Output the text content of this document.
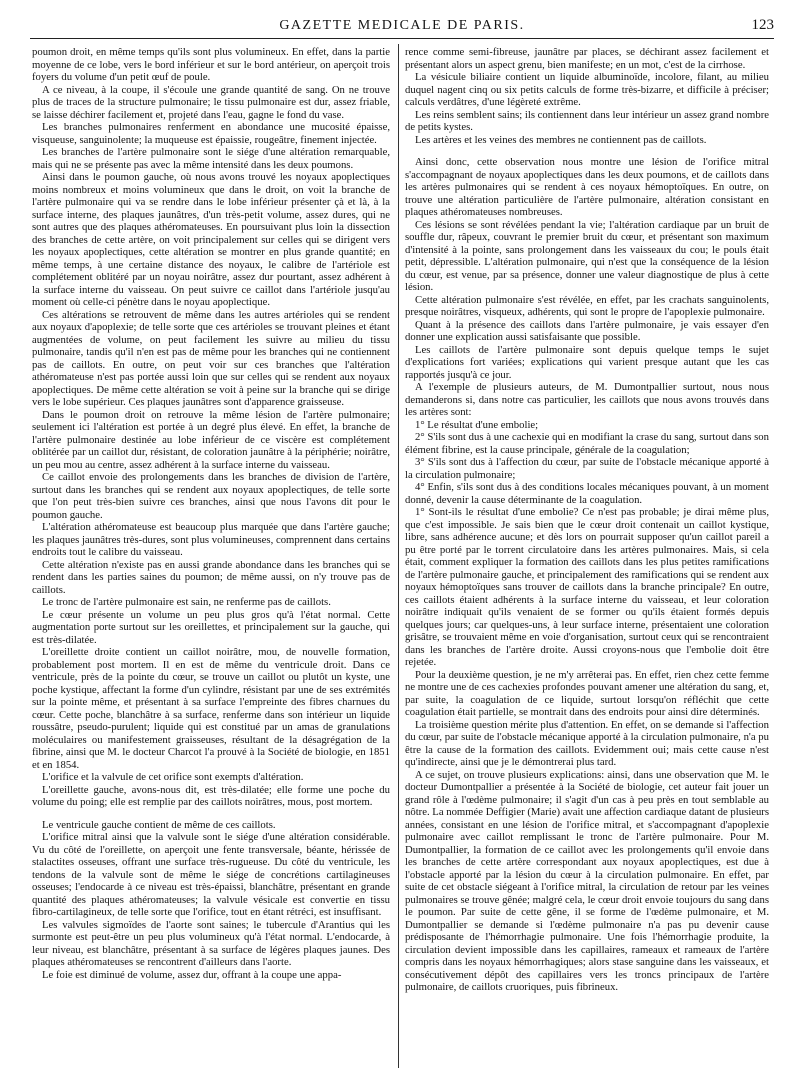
GAZETTE MEDICALE DE PARIS.	123

poumon droit, en même temps qu'ils sont plus volumineux. En effet, dans la partie moyenne de ce lobe, vers le bord inférieur et sur le bord antérieur, on aperçoit trois foyers du volume d'un petit œuf de poule.

A ce niveau, à la coupe, il s'écoule une grande quantité de sang. On ne trouve plus de traces de la structure pulmonaire; le tissu pulmonaire est dur, assez friable, se laisse déchirer facilement et, projeté dans l'eau, gagne le fond du vase.

Les branches pulmonaires renferment en abondance une mucosité épaisse, visqueuse, sanguinolente; la muqueuse est épaissie, rougeâtre, finement injectée.

Les branches de l'artère pulmonaire sont le siége d'une altération remarquable, mais qui ne se présente pas avec la même intensité dans les deux poumons.

Ainsi dans le poumon gauche, où nous avons trouvé les noyaux apoplectiques moins nombreux et moins volumineux que dans le droit, on voit la branche de l'artère pulmonaire qui va se rendre dans le lobe inférieur présenter çà et là, à la surface interne, des plaques jaunâtres, d'un très-petit volume, assez dures, qui ne sont autres que des plaques athéromateuses. En poursuivant plus loin la dissection des branches de cette artère, on voit principalement sur celles qui se dirigent vers les noyaux apoplectiques, cette altération se montrer en plus grande quantité; en même temps, à une certaine distance des noyaux, le calibre de l'artériole est complétement oblitéré par un noyau noirâtre, assez dur pourtant, assez adhérent à la surface interne du vaisseau. On peut suivre ce caillot dans l'artériole jusqu'au moment où celle-ci pénètre dans le noyau apoplectique.

Ces altérations se retrouvent de même dans les autres artérioles qui se rendent aux noyaux d'apoplexie; de telle sorte que ces artérioles se trouvant pleines et étant augmentées de volume, on peut facilement les suivre au milieu du tissu pulmonaire, tandis qu'il n'en est pas de même pour les branches qui ne contiennent pas de caillots. En outre, on peut voir sur ces branches que l'altération athéromateuse n'est pas portée aussi loin que sur celles qui se rendent aux noyaux apoplectiques. De même cette altération se voit à peine sur la branche qui se dirige vers le lobe supérieur. Ces plaques jaunâtres sont d'apparence graisseuse.

Dans le poumon droit on retrouve la même lésion de l'artère pulmonaire; seulement ici l'altération est portée à un degré plus élevé. En effet, la branche de l'artère pulmonaire destinée au lobe inférieur de ce viscère est complétement oblitérée par un caillot dur, résistant, de coloration jaunâtre à la périphérie; noirâtre, un peu mou au centre, assez adhérent à la surface interne du vaisseau.

Ce caillot envoie des prolongements dans les branches de division de l'artère, surtout dans les branches qui se rendent aux noyaux apoplectiques, de telle sorte que l'on peut très-bien suivre ces branches, ainsi que nous l'avons dit pour le poumon gauche.

L'altération athéromateuse est beaucoup plus marquée que dans l'artère gauche; les plaques jaunâtres très-dures, sont plus volumineuses, comprennent dans certains endroits tout le calibre du vaisseau.

Cette altération n'existe pas en aussi grande abondance dans les branches qui se rendent dans les parties saines du poumon; de même aussi, on n'y trouve pas de caillots.

Le tronc de l'artère pulmonaire est sain, ne renferme pas de caillots.

Le cœur présente un volume un peu plus gros qu'à l'état normal. Cette augmentation porte surtout sur les oreillettes, et principalement sur la gauche, qui est très-dilatée.

L'oreillette droite contient un caillot noirâtre, mou, de nouvelle formation, probablement post mortem. Il en est de même du ventricule droit. Dans ce ventricule, près de la pointe du cœur, se trouve un caillot ou plutôt un kyste, une poche kystique, affectant la forme d'un cylindre, résistant par une de ses extrémités sur la pointe même, et présentant à sa surface l'empreinte des fibres charnues du cœur. Cette poche, blanchâtre à sa surface, renferme dans son intérieur un liquide roussâtre, pseudo-purulent; liquide qui est constitué par un amas de granulations moléculaires ou manifestement graisseuses, résultant de la désagrégation de la fibrine, ainsi que M. le docteur Charcot l'a prouvé à la Société de biologie, en 1851 et en 1854.

L'orifice et la valvule de cet orifice sont exempts d'altération.

L'oreillette gauche, avons-nous dit, est très-dilatée; elle forme une poche du volume du poing; elle est remplie par des caillots noirâtres, mous, post mortem.

Le ventricule gauche contient de même de ces caillots.

L'orifice mitral ainsi que la valvule sont le siége d'une altération considérable. Vu du côté de l'oreillette, on aperçoit une fente transversale, béante, hérissée de stalactites osseuses, offrant une surface très-rugueuse. Du côté du ventricule, les tendons de la valvule sont de même le siége de concrétions cartilagineuses osseuses; l'endocarde à ce niveau est très-épaissi, blanchâtre, présentant en grande quantité des plaques athéromateuses; la valvule vésicale est convertie en tissu fibro-cartilagineux, de telle sorte que l'orifice, tout en étant rétréci, est insuffisant.

Les valvules sigmoïdes de l'aorte sont saines; le tubercule d'Arantius qui les surmonte est peut-être un peu plus volumineux qu'à l'état normal. L'endocarde, à leur niveau, est blanchâtre, présentant à sa surface de légères plaques jaunes. Des plaques athéromateuses se rencontrent d'ailleurs dans l'aorte.

Le foie est diminué de volume, assez dur, offrant à la coupe une appa-

rence comme semi-fibreuse, jaunâtre par places, se déchirant assez facilement et présentant alors un aspect grenu, bien manifeste; en un mot, c'est de la cirrhose.

La vésicule biliaire contient un liquide albuminoïde, incolore, filant, au milieu duquel nagent cinq ou six petits calculs de forme très-bizarre, et difficile à préciser; calculs verdâtres, d'une légèreté extrême.

Les reins semblent sains; ils contiennent dans leur intérieur un assez grand nombre de petits kystes.

Les artères et les veines des membres ne contiennent pas de caillots.

Ainsi donc, cette observation nous montre une lésion de l'orifice mitral s'accompagnant de noyaux apoplectiques dans les deux poumons, et de caillots dans les artères pulmonaires qui se rendent à ces noyaux hémoptoïques. En outre, on trouve une altération particulière de l'artère pulmonaire, altération consistant en plaques athéromateuses nombreuses.

Ces lésions se sont révélées pendant la vie; l'altération cardiaque par un bruit de souffle dur, râpeux, couvrant le premier bruit du cœur, et présentant son maximum d'intensité à la pointe, sans prolongement dans les vaisseaux du cou; le pouls était petit, dépressible. L'altération pulmonaire, qui n'est que la conséquence de la lésion du cœur, est venue, par sa présence, donner une valeur diagnostique de plus à cette lésion.

Cette altération pulmonaire s'est révélée, en effet, par les crachats sanguinolents, presque noirâtres, visqueux, adhérents, qui sont le propre de l'apoplexie pulmonaire.

Quant à la présence des caillots dans l'artère pulmonaire, je vais essayer d'en donner une explication aussi satisfaisante que possible.

Les caillots de l'artère pulmonaire sont depuis quelque temps le sujet d'explications fort variées; explications qui varient presque autant que les cas rapportés jusqu'à ce jour.

A l'exemple de plusieurs auteurs, de M. Dumontpallier surtout, nous nous demanderons si, dans notre cas particulier, les caillots que nous avons trouvés dans les artères sont:

1° Le résultat d'une embolie;

2° S'ils sont dus à une cachexie qui en modifiant la crase du sang, surtout dans son élément fibrine, est la cause principale, générale de la coagulation;

3° S'ils sont dus à l'affection du cœur, par suite de l'obstacle mécanique apporté à la circulation pulmonaire;

4° Enfin, s'ils sont dus à des conditions locales mécaniques pouvant, à un moment donné, devenir la cause déterminante de la coagulation.

1° Sont-ils le résultat d'une embolie? Ce n'est pas probable; je dirai même plus, que c'est impossible. Je sais bien que le cœur droit contenait un caillot kystique, libre, sans adhérence aucune; et dès lors on pourrait supposer qu'un caillot pareil a pu être porté par le torrent circulatoire dans les artères pulmonaires. Mais, si cela était, comment expliquer la formation des caillots dans les plus petites ramifications de l'artère pulmonaire gauche, et principalement des ramifications qui se rendent aux noyaux hémoptoïques sans trouver de caillots dans la branche principale? En outre, ces caillots étaient adhérents à la surface interne du vaisseau, et leur coloration noirâtre indiquait qu'ils venaient de se former ou qu'ils étaient formés depuis quelques jours; car quelques-uns, à leur surface interne, présentaient une coloration grisâtre, se trouvaient même en voie d'organisation, surtout ceux qui se rencontraient dans les branches de l'artère droite. Aussi croyons-nous que l'embolie doit être rejetée.

Pour la deuxième question, je ne m'y arrêterai pas. En effet, rien chez cette femme ne montre une de ces cachexies profondes pouvant amener une altération du sang, et, par suite, la coagulation de ce liquide, surtout lorsqu'on réfléchit que cette coagulation était partielle, se montrait dans des endroits pour ainsi dire déterminés.

La troisième question mérite plus d'attention. En effet, on se demande si l'affection du cœur, par suite de l'obstacle mécanique apporté à la circulation pulmonaire, n'a pu être la cause de la formation des caillots. Evidemment oui; mais cette cause n'est qu'indirecte, ainsi que je le démontrerai plus tard.

A ce sujet, on trouve plusieurs explications: ainsi, dans une observation que M. le docteur Dumontpallier a présentée à la Société de biologie, cet auteur fait jouer un grand rôle à l'œdème pulmonaire; il s'agit d'un cas à peu près en tout semblable au nôtre. La nommée Deffigier (Marie) avait une affection cardiaque datant de plusieurs années, consistant en une lésion de l'orifice mitral, et s'accompagnant d'apoplexie pulmonaire avec caillot remplissant le tronc de l'artère pulmonaire. Pour M. Dumontpallier, la formation de ce caillot avec les prolongements qu'il envoie dans les branches de cette artère correspondant aux noyaux apoplectiques, est due à l'obstacle apporté par la lésion du cœur à la circulation pulmonaire. En effet, par suite de cet obstacle siégeant à l'orifice mitral, la circulation de retour par les veines pulmonaires se trouve gênée; malgré cela, le cœur droit envoie toujours du sang dans le poumon. Par suite de cette gêne, il se forme de l'œdème pulmonaire, et M. Dumontpallier se demande si l'œdème pulmonaire n'a pas pu devenir cause prédisposante de l'hémorrhagie pulmonaire. Une fois l'hémorrhagie produite, la circulation devient impossible dans les capillaires, rameaux et rameaux de l'artère compris dans les noyaux hémorrhagiques; alors stase sanguine dans les vaisseaux, et consécutivement dépôt des capillaires vers les troncs principaux de l'artère pulmonaire, de caillots cruoriques, puis fibrineux.
